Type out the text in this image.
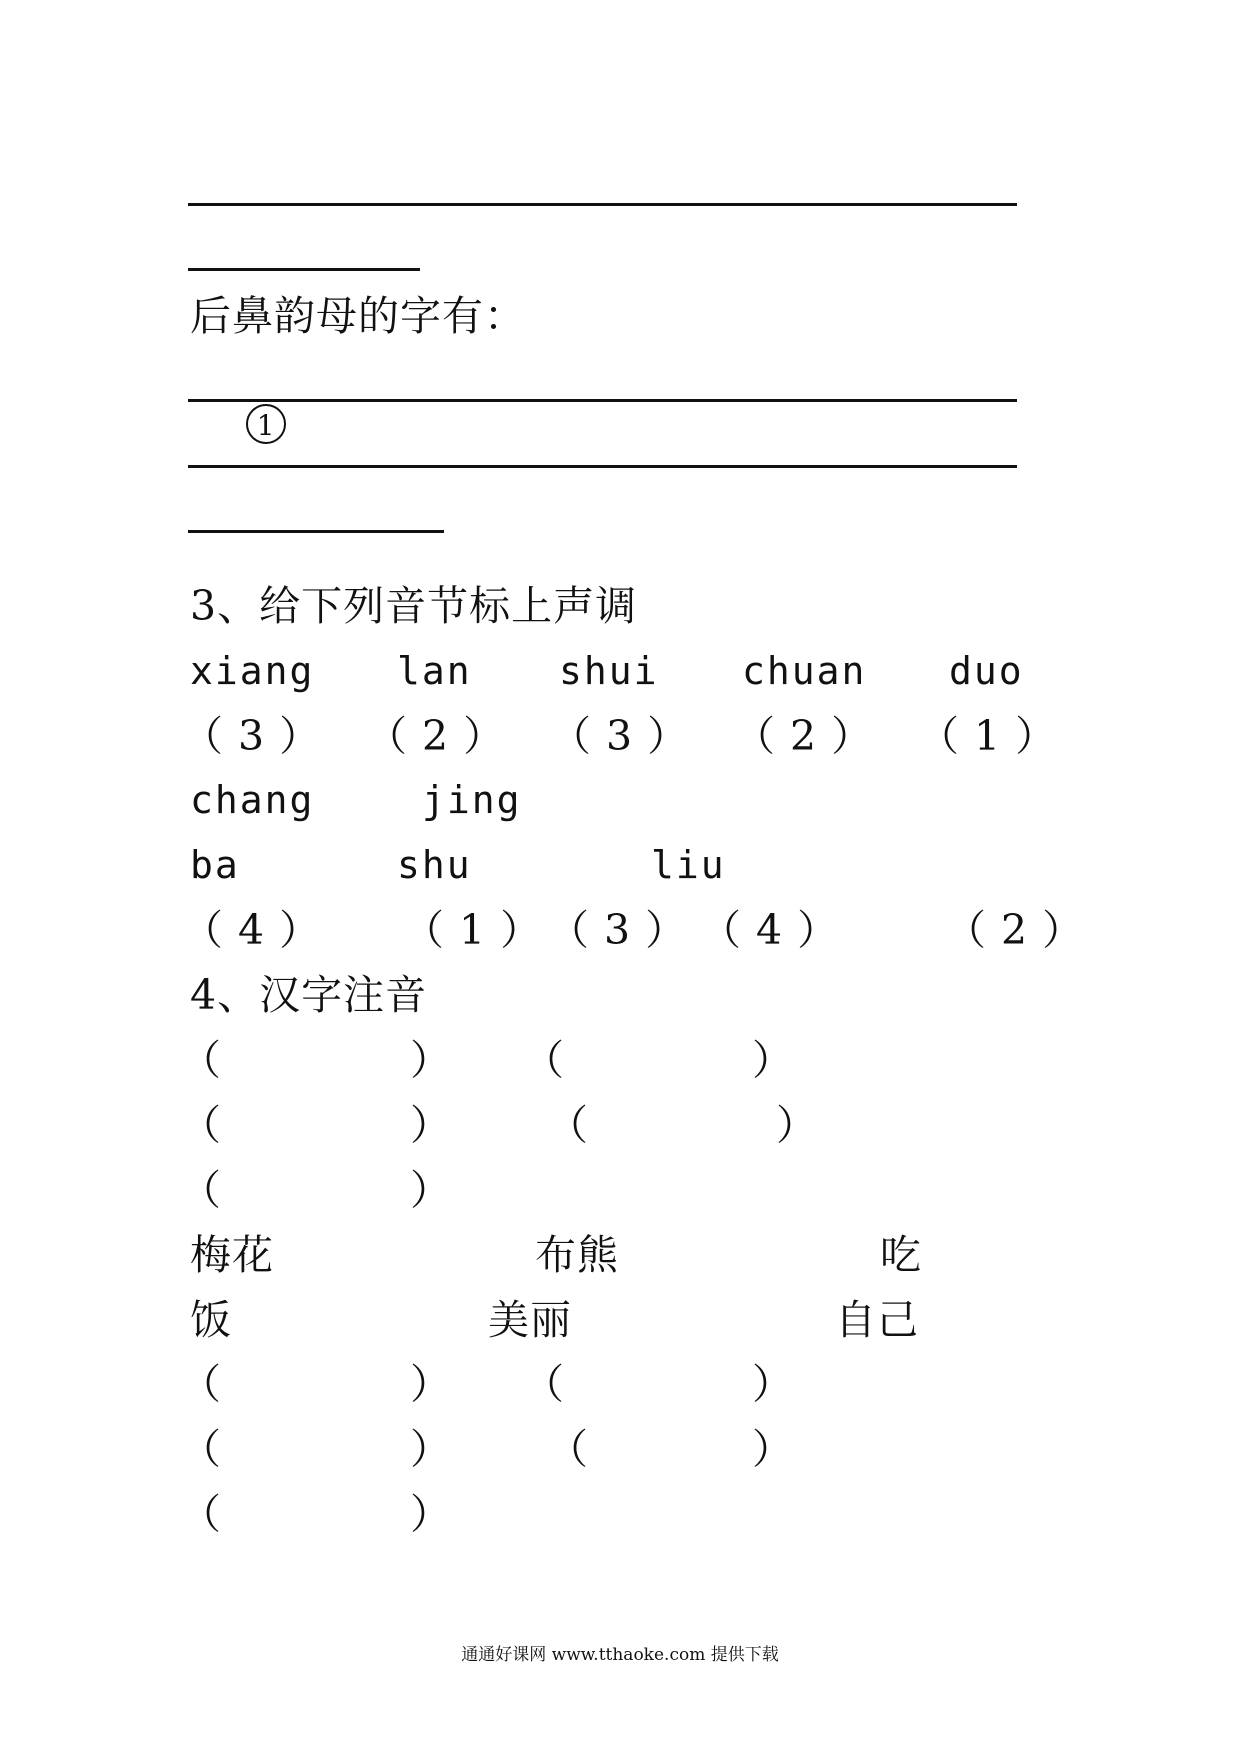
后鼻韵母的字有：

1

3、给下列音节标上声调
xiang lan shui chuan duo
（ 3 ） （ 2 ） （ 3 ） （ 2 ） （ 1 ）
chang	jing
ba	shu	liu
（ 4 ） （ 1 ） （ 3 ） （ 4 ）	（ 2 ）
4、汉字注音
（	） （	）
（	） （	）
（	）
梅花	布熊	吃
饭	美丽	自己
（	） （	）
（	） （	）
（	）
通通好课网 www.tthaoke.com 提供下载
